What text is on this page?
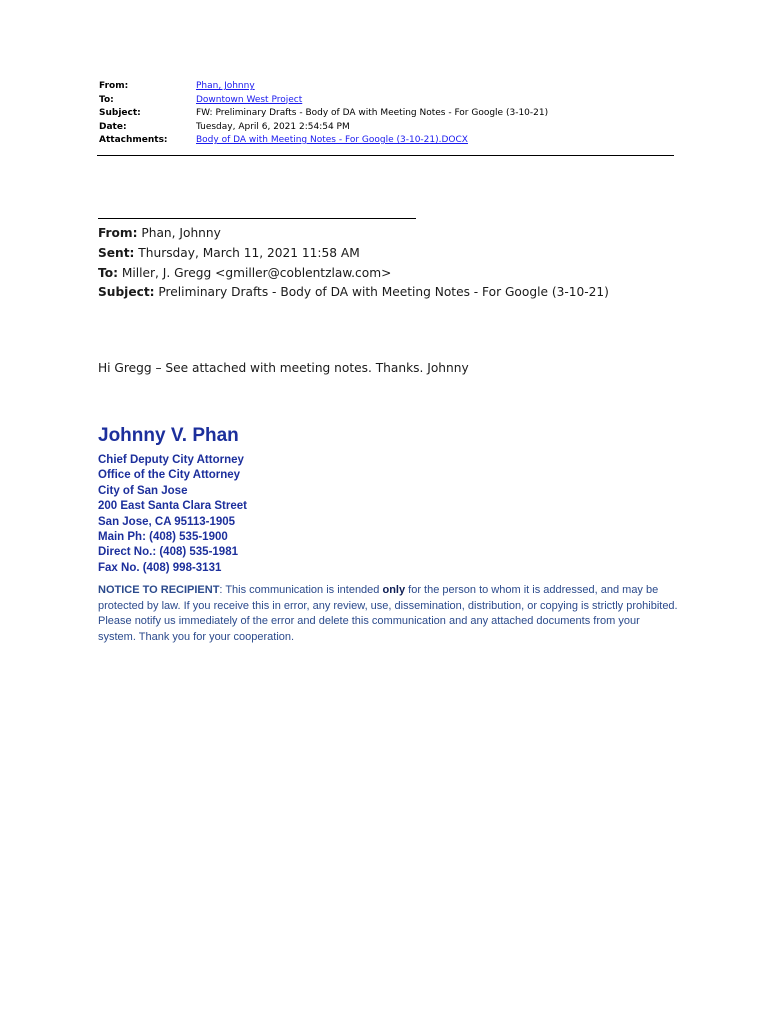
From:	Phan, Johnny
To:	Downtown West Project
Subject:	FW: Preliminary Drafts - Body of DA with Meeting Notes - For Google (3-10-21)
Date:	Tuesday, April 6, 2021 2:54:54 PM
Attachments:	Body of DA with Meeting Notes - For Google (3-10-21).DOCX
From: Phan, Johnny
Sent: Thursday, March 11, 2021 11:58 AM
To: Miller, J. Gregg <gmiller@coblentzlaw.com>
Subject: Preliminary Drafts - Body of DA with Meeting Notes - For Google (3-10-21)
Hi Gregg – See attached with meeting notes. Thanks. Johnny
Johnny V. Phan
Chief Deputy City Attorney
Office of the City Attorney
City of San Jose
200 East Santa Clara Street
San Jose, CA 95113-1905
Main Ph: (408) 535-1900
Direct No.: (408) 535-1981
Fax No. (408) 998-3131
NOTICE TO RECIPIENT: This communication is intended only for the person to whom it is addressed, and may be protected by law. If you receive this in error, any review, use, dissemination, distribution, or copying is strictly prohibited. Please notify us immediately of the error and delete this communication and any attached documents from your system. Thank you for your cooperation.
